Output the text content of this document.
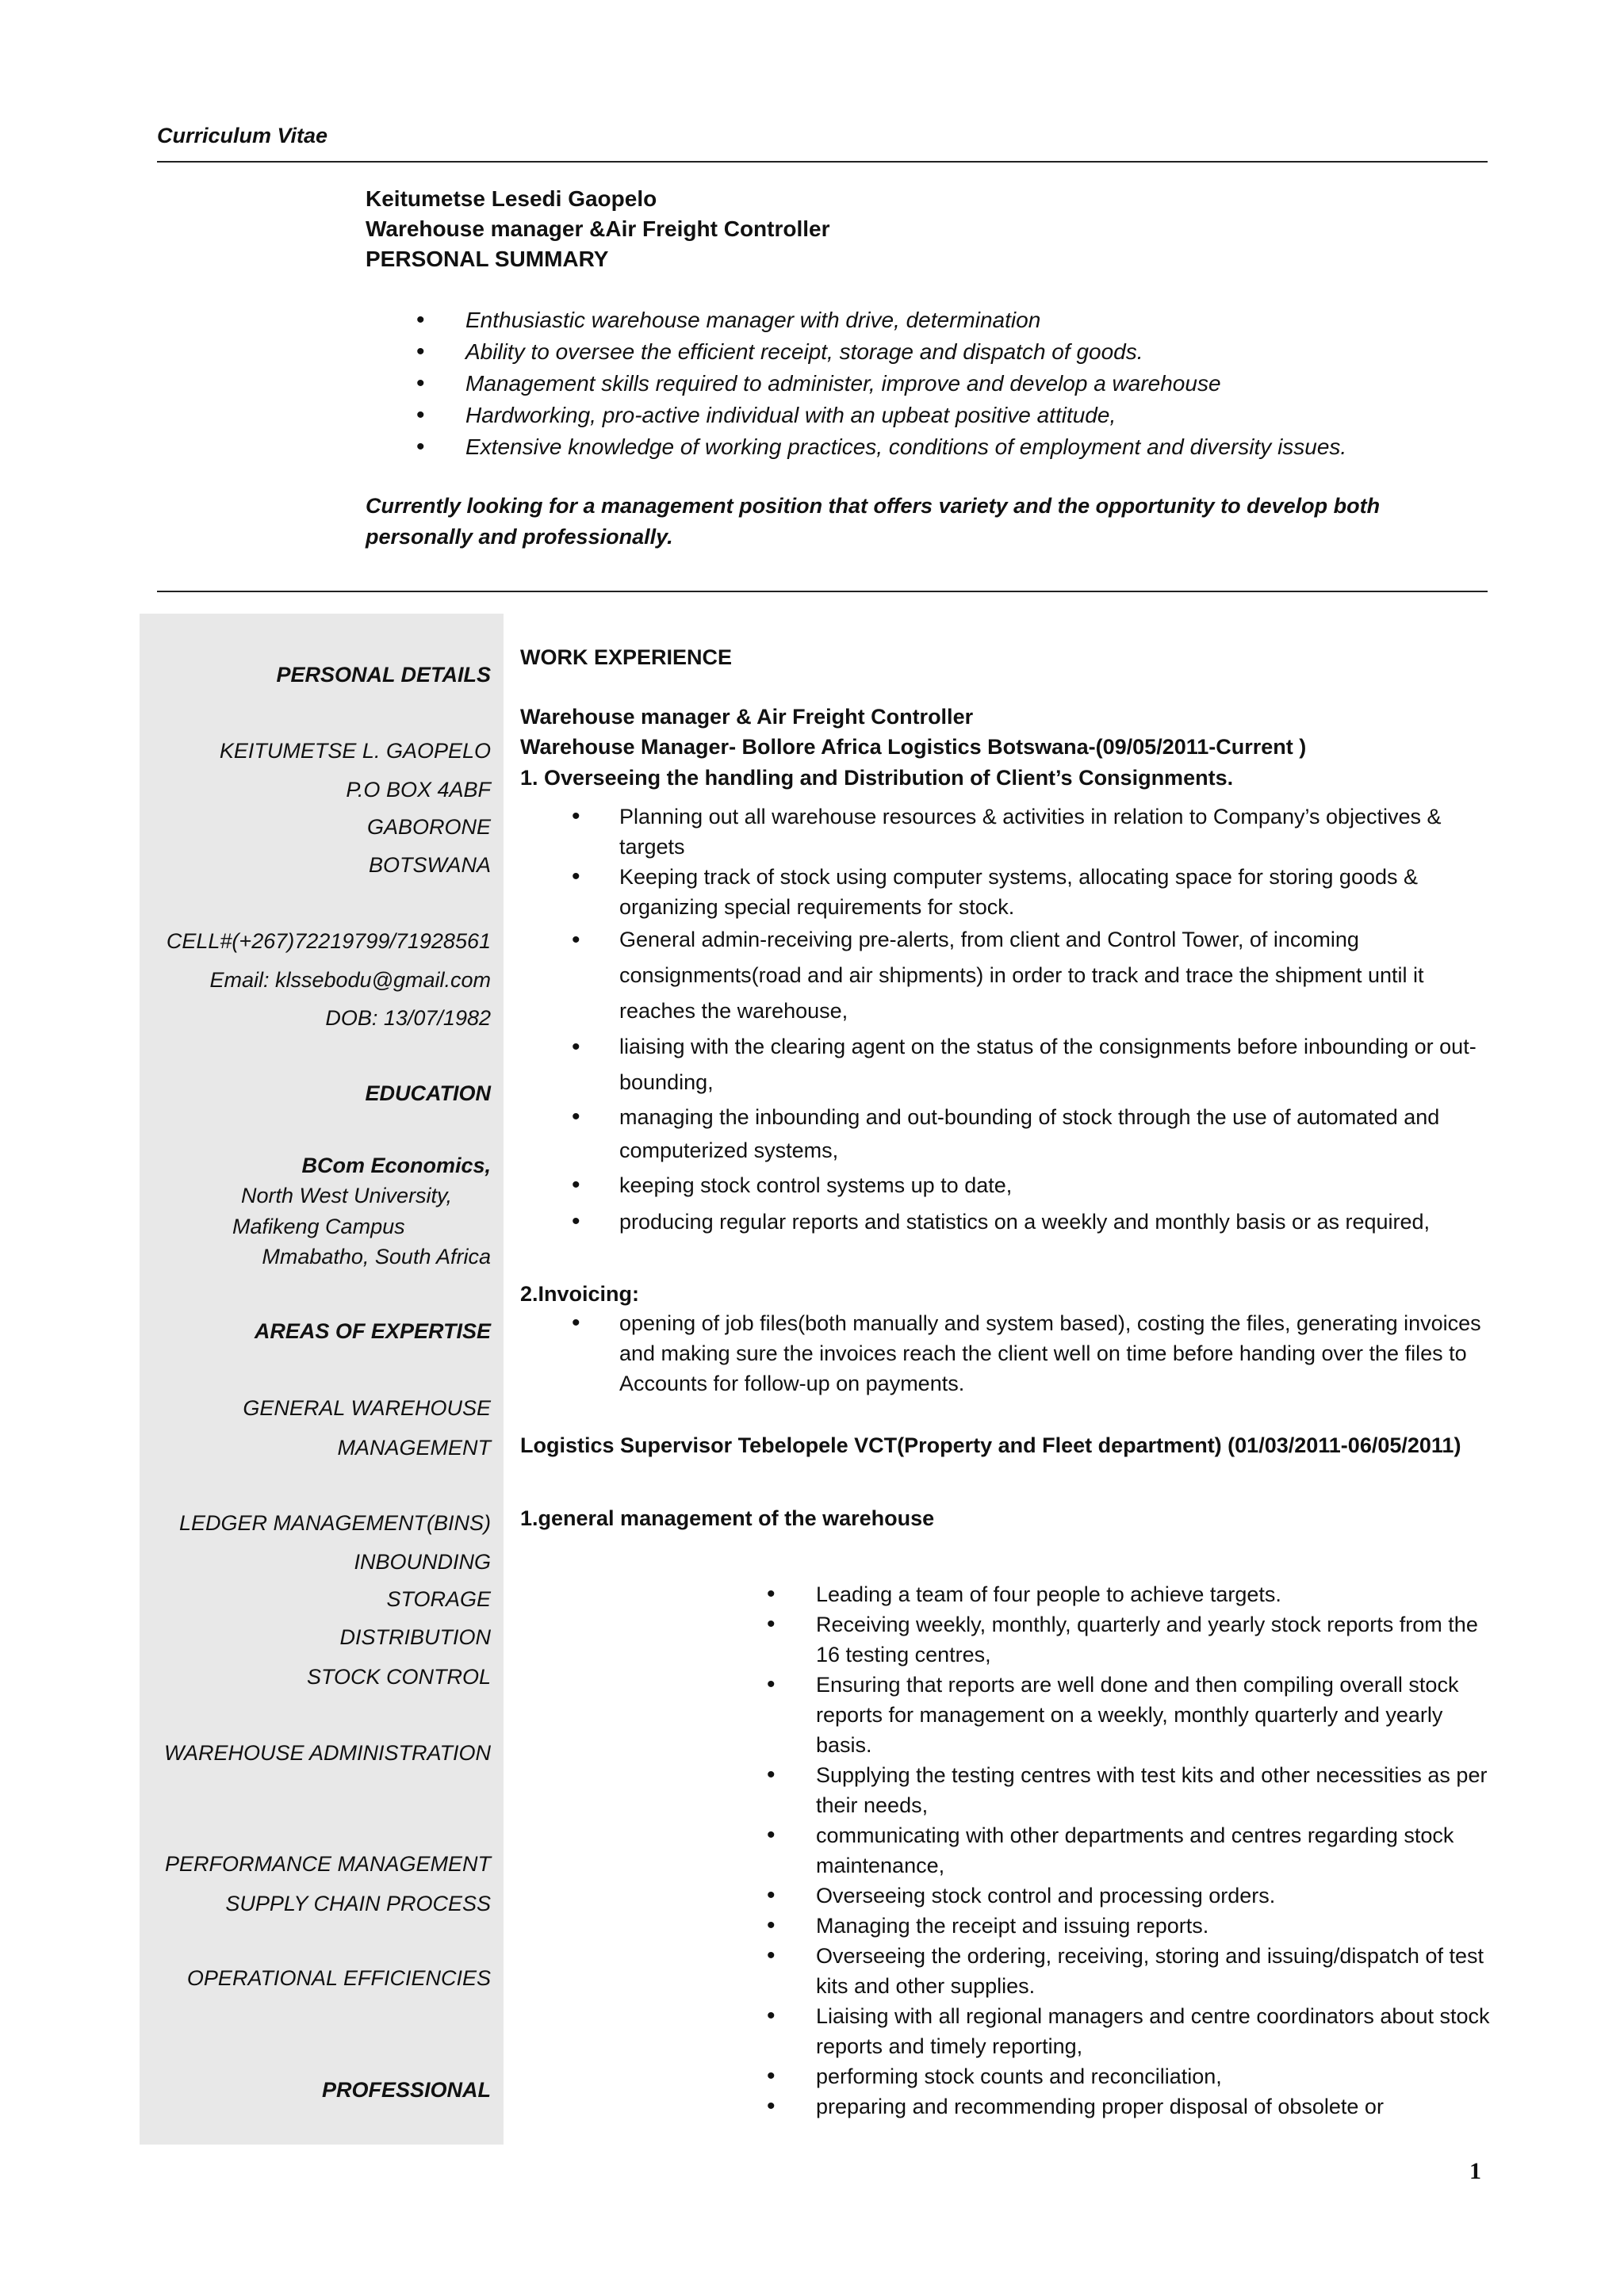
Curriculum Vitae
Keitumetse Lesedi Gaopelo
Warehouse manager &Air Freight Controller
PERSONAL SUMMARY
• Enthusiastic warehouse manager with drive, determination
• Ability to oversee the efficient receipt, storage and dispatch of goods.
• Management skills required to administer, improve and develop a warehouse
• Hardworking, pro-active individual with an upbeat positive attitude,
• Extensive knowledge of working practices, conditions of employment and diversity issues.
Currently looking for a management position that offers variety and the opportunity to develop both
personally and professionally.
PERSONAL DETAILS
KEITUMETSE L. GAOPELO
P.O BOX 4ABF
GABORONE
BOTSWANA
CELL#(+267)72219799/71928561
Email: klssebodu@gmail.com
DOB: 13/07/1982
EDUCATION
BCom Economics,
North West University,
Mafikeng Campus
Mmabatho, South Africa
AREAS OF EXPERTISE
GENERAL WAREHOUSE
MANAGEMENT
LEDGER MANAGEMENT(BINS)
INBOUNDING
STORAGE
DISTRIBUTION
STOCK CONTROL
WAREHOUSE ADMINISTRATION
PERFORMANCE MANAGEMENT
SUPPLY CHAIN PROCESS
OPERATIONAL EFFICIENCIES
PROFESSIONAL
WORK EXPERIENCE
Warehouse manager & Air Freight Controller
Warehouse Manager- Bollore Africa Logistics Botswana-(09/05/2011-Current )
1. Overseeing the handling and Distribution of Client’s Consignments.
• Planning out all warehouse resources & activities in relation to Company’s objectives &
targets
• Keeping track of stock using computer systems, allocating space for storing goods &
organizing special requirements for stock.
• General admin-receiving pre-alerts, from client and Control Tower, of incoming
consignments(road and air shipments) in order to track and trace the shipment until it
reaches the warehouse,
• liaising with the clearing agent on the status of the consignments before inbounding or out-
bounding,
• managing the inbounding and out-bounding of stock through the use of automated and
computerized systems,
• keeping stock control systems up to date,
• producing regular reports and statistics on a weekly and monthly basis or as required,
2.Invoicing:
• opening of job files(both manually and system based), costing the files, generating invoices
and making sure the invoices reach the client well on time before handing over the files to
Accounts for follow-up on payments.
Logistics Supervisor Tebelopele VCT(Property and Fleet department) (01/03/2011-06/05/2011)
1.general management of the warehouse
• Leading a team of four people to achieve targets.
• Receiving weekly, monthly, quarterly and yearly stock reports from the
16 testing centres,
• Ensuring that reports are well done and then compiling overall stock
reports for management on a weekly, monthly quarterly and yearly
basis.
• Supplying the testing centres with test kits and other necessities as per
their needs,
• communicating with other departments and centres regarding stock
maintenance,
• Overseeing stock control and processing orders.
• Managing the receipt and issuing reports.
• Overseeing the ordering, receiving, storing and issuing/dispatch of test
kits and other supplies.
• Liaising with all regional managers and centre coordinators about stock
reports and timely reporting,
• performing stock counts and reconciliation,
• preparing and recommending proper disposal of obsolete or
1
